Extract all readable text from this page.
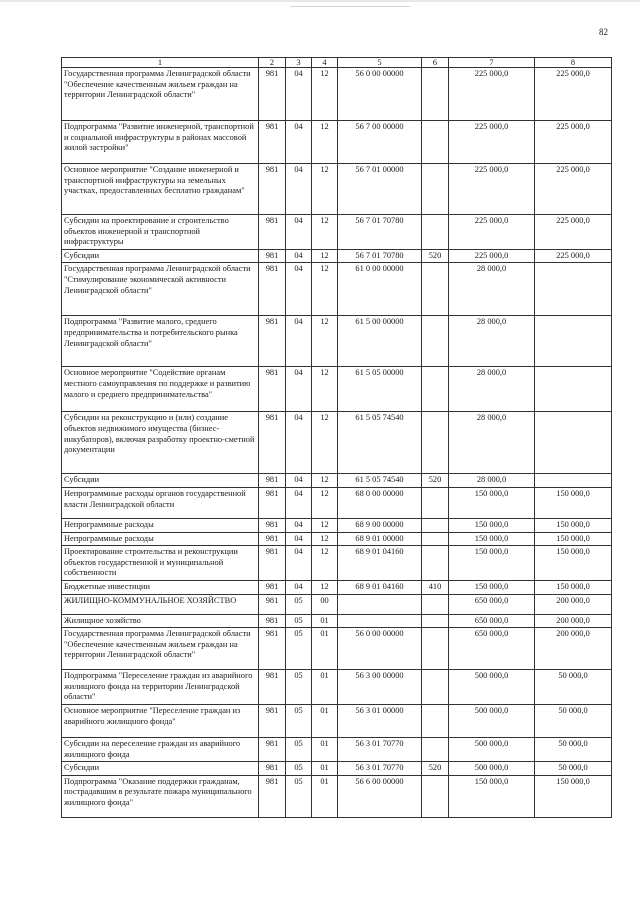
82
1	2	3	4	5	6	7	8
Государственная программа Ленинградской области "Обеспечение качественным жильем граждан на территории Ленинградской области"	981	04	12	56 0 00 00000		225 000,0	225 000,0
Подпрограмма "Развитие инженерной, транспортной и социальной инфраструктуры в районах массовой жилой застройки"	981	04	12	56 7 00 00000		225 000,0	225 000,0
Основное мероприятие "Создание инженерной и транспортной инфраструктуры на земельных участках, предоставленных бесплатно гражданам"	981	04	12	56 7 01 00000		225 000,0	225 000,0
Субсидии на проектирование и строительство объектов инженерной и транспортной инфраструктуры	981	04	12	56 7 01 70780		225 000,0	225 000,0
Субсидии	981	04	12	56 7 01 70780	520	225 000,0	225 000,0
Государственная программа Ленинградской области "Стимулирование экономической активности Ленинградской области"	981	04	12	61 0 00 00000		28 000,0	
Подпрограмма "Развитие малого, среднего предпринимательства и потребительского рынка Ленинградской области"	981	04	12	61 5 00 00000		28 000,0	
Основное мероприятие "Содействие органам местного самоуправления по поддержке и развитию малого и среднего предпринимательства"	981	04	12	61 5 05 00000		28 000,0	
Субсидии на реконструкцию и (или) создание объектов недвижимого имущества (бизнес-инкубаторов), включая разработку проектно-сметной документации	981	04	12	61 5 05 74540		28 000,0	
Субсидии	981	04	12	61 5 05 74540	520	28 000,0	
Непрограммные расходы органов государственной власти Ленинградской области	981	04	12	68 0 00 00000		150 000,0	150 000,0
Непрограммные расходы	981	04	12	68 9 00 00000		150 000,0	150 000,0
Непрограммные расходы	981	04	12	68 9 01 00000		150 000,0	150 000,0
Проектирование строительства и реконструкции объектов государственной и муниципальной собственности	981	04	12	68 9 01 04160		150 000,0	150 000,0
Бюджетные инвестиции	981	04	12	68 9 01 04160	410	150 000,0	150 000,0
ЖИЛИЩНО-КОММУНАЛЬНОЕ ХОЗЯЙСТВО	981	05	00			650 000,0	200 000,0
Жилищное хозяйство	981	05	01			650 000,0	200 000,0
Государственная программа Ленинградской области "Обеспечение качественным жильем граждан на территории Ленинградской области"	981	05	01	56 0 00 00000		650 000,0	200 000,0
Подпрограмма "Переселение граждан из аварийного жилищного фонда на территории Ленинградской области"	981	05	01	56 3 00 00000		500 000,0	50 000,0
Основное мероприятие "Переселение граждан из аварийного жилищного фонда"	981	05	01	56 3 01 00000		500 000,0	50 000,0
Субсидии на переселение граждан из аварийного жилищного фонда	981	05	01	56 3 01 70770		500 000,0	50 000,0
Субсидии	981	05	01	56 3 01 70770	520	500 000,0	50 000,0
Подпрограмма "Оказание поддержки гражданам, пострадавшим в результате пожара муниципального жилищного фонда"	981	05	01	56 6 00 00000		150 000,0	150 000,0
